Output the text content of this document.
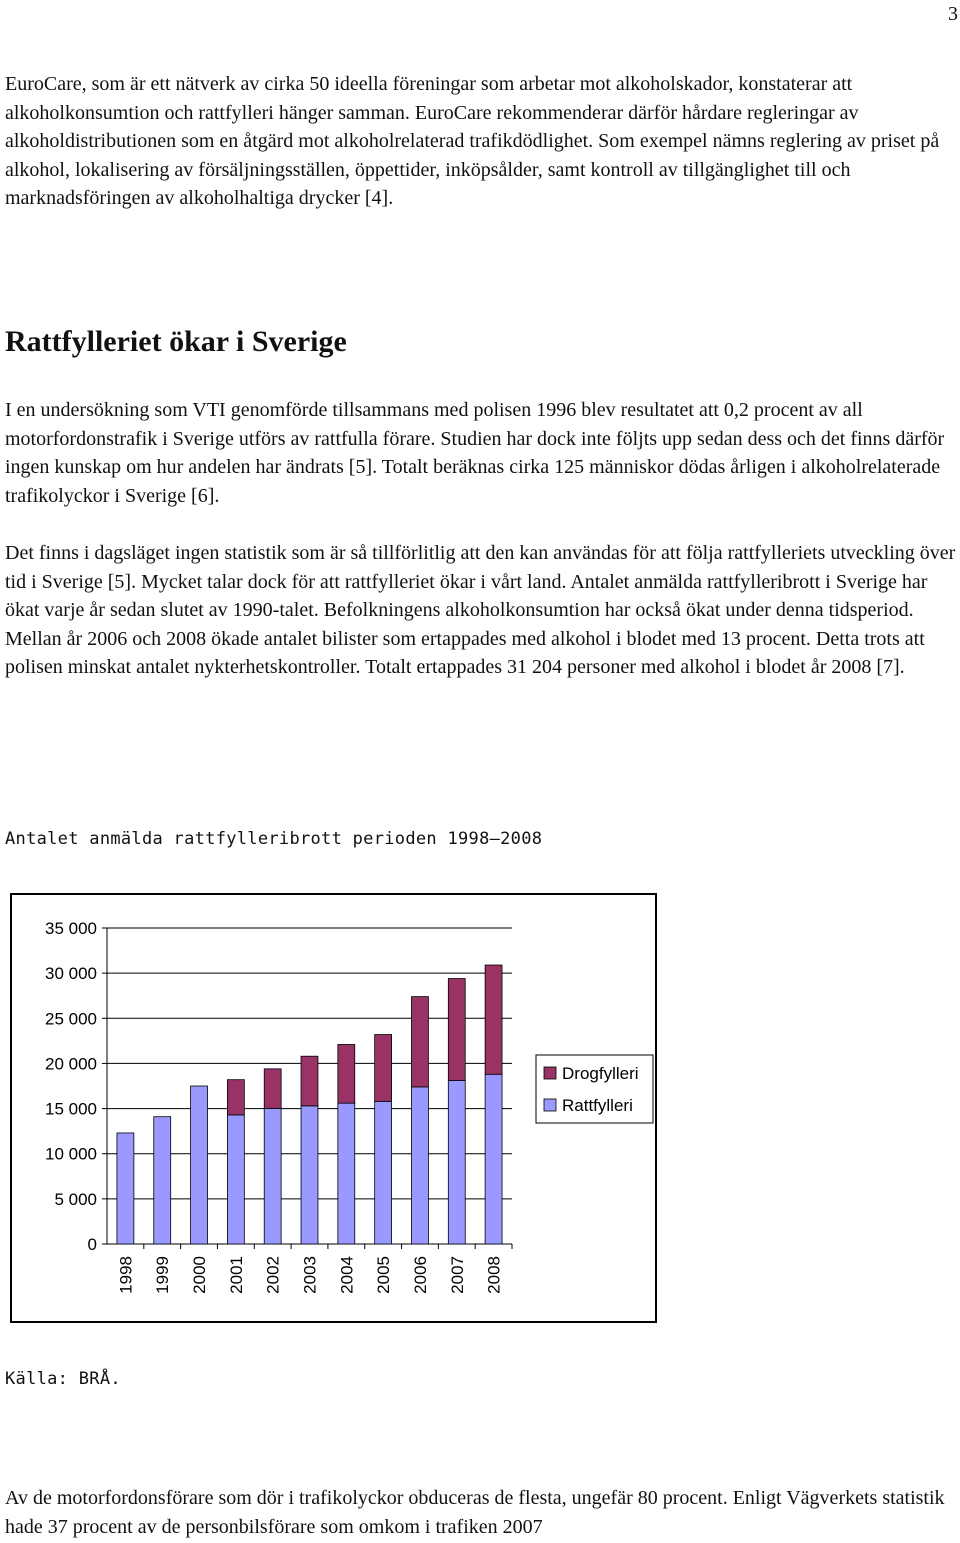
3

EuroCare, som är ett nätverk av cirka 50 ideella föreningar som arbetar mot alkoholskador, konstaterar att alkoholkonsumtion och rattfylleri hänger samman. EuroCare rekommenderar därför hårdare regleringar av alkoholdistributionen som en åtgärd mot alkoholrelaterad trafikdödlighet. Som exempel nämns reglering av priset på alkohol, lokalisering av försäljningsställen, öppettider, inköpsålder, samt kontroll av tillgänglighet till och marknadsföringen av alkoholhaltiga drycker [4].

Rattfylleriet ökar i Sverige

I en undersökning som VTI genomförde tillsammans med polisen 1996 blev resultatet att 0,2 procent av all motorfordonstrafik i Sverige utförs av rattfulla förare. Studien har dock inte följts upp sedan dess och det finns därför ingen kunskap om hur andelen har ändrats [5]. Totalt beräknas cirka 125 människor dödas årligen i alkoholrelaterade trafikolyckor i Sverige [6].

Det finns i dagsläget ingen statistik som är så tillförlitlig att den kan användas för att följa rattfylleriets utveckling över tid i Sverige [5]. Mycket talar dock för att rattfylleriet ökar i vårt land. Antalet anmälda rattfylleribrott i Sverige har ökat varje år sedan slutet av 1990-talet. Befolkningens alkoholkonsumtion har också ökat under denna tidsperiod. Mellan år 2006 och 2008 ökade antalet bilister som ertappades med alkohol i blodet med 13 procent. Detta trots att polisen minskat antalet nykterhetskontroller. Totalt ertappades 31 204 personer med alkohol i blodet år 2008 [7].

Antalet anmälda rattfylleribrott perioden 1998—2008

0
5 000
10 000
15 000
20 000
25 000
30 000
35 000
1998 1999 2000 2001 2002 2003 2004 2005 2006 2007 2008
Drogfylleri
Rattfylleri

Källa: BRÅ.

Av de motorfordonsförare som dör i trafikolyckor obduceras de flesta, ungefär 80 procent. Enligt Vägverkets statistik hade 37 procent av de personbilsförare som omkom i trafiken 2007
